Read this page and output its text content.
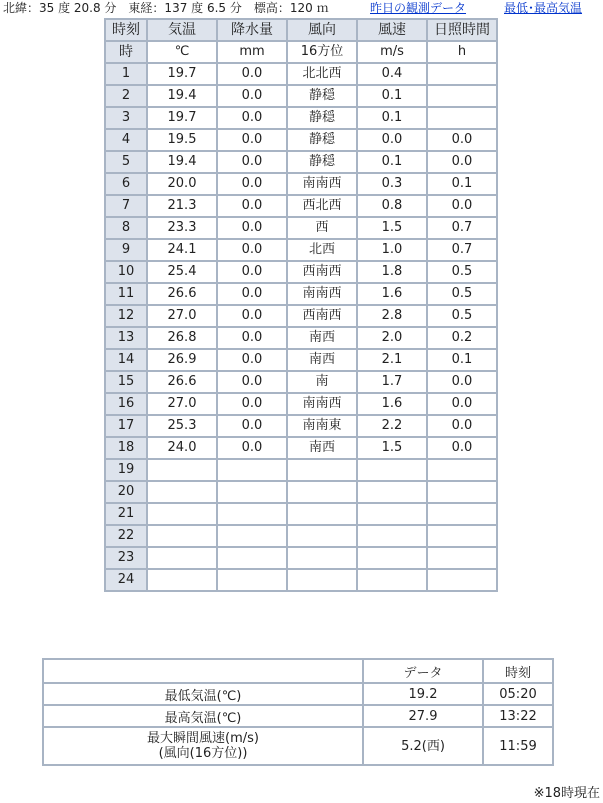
北緯：35 度 20.8 分　東経：137 度 6.5 分　標高：120 ｍ	昨日の観測データ	最低･最高気温
時刻	気温	降水量	風向	風速	日照時間
時	℃	mm	16方位	m/s	h
1	19.7	0.0	北北西	0.4	
2	19.4	0.0	静穏	0.1	
3	19.7	0.0	静穏	0.1	
4	19.5	0.0	静穏	0.0	0.0
5	19.4	0.0	静穏	0.1	0.0
6	20.0	0.0	南南西	0.3	0.1
7	21.3	0.0	西北西	0.8	0.0
8	23.3	0.0	西	1.5	0.7
9	24.1	0.0	北西	1.0	0.7
10	25.4	0.0	西南西	1.8	0.5
11	26.6	0.0	南南西	1.6	0.5
12	27.0	0.0	西南西	2.8	0.5
13	26.8	0.0	南西	2.0	0.2
14	26.9	0.0	南西	2.1	0.1
15	26.6	0.0	南	1.7	0.0
16	27.0	0.0	南南西	1.6	0.0
17	25.3	0.0	南南東	2.2	0.0
18	24.0	0.0	南西	1.5	0.0
19					
20					
21					
22					
23					
24					
	データ	時刻
最低気温(℃)	19.2	05:20
最高気温(℃)	27.9	13:22

最大瞬間風速(m/s)
(風向(16方位))	5.2(西)	11:59
※18時現在
